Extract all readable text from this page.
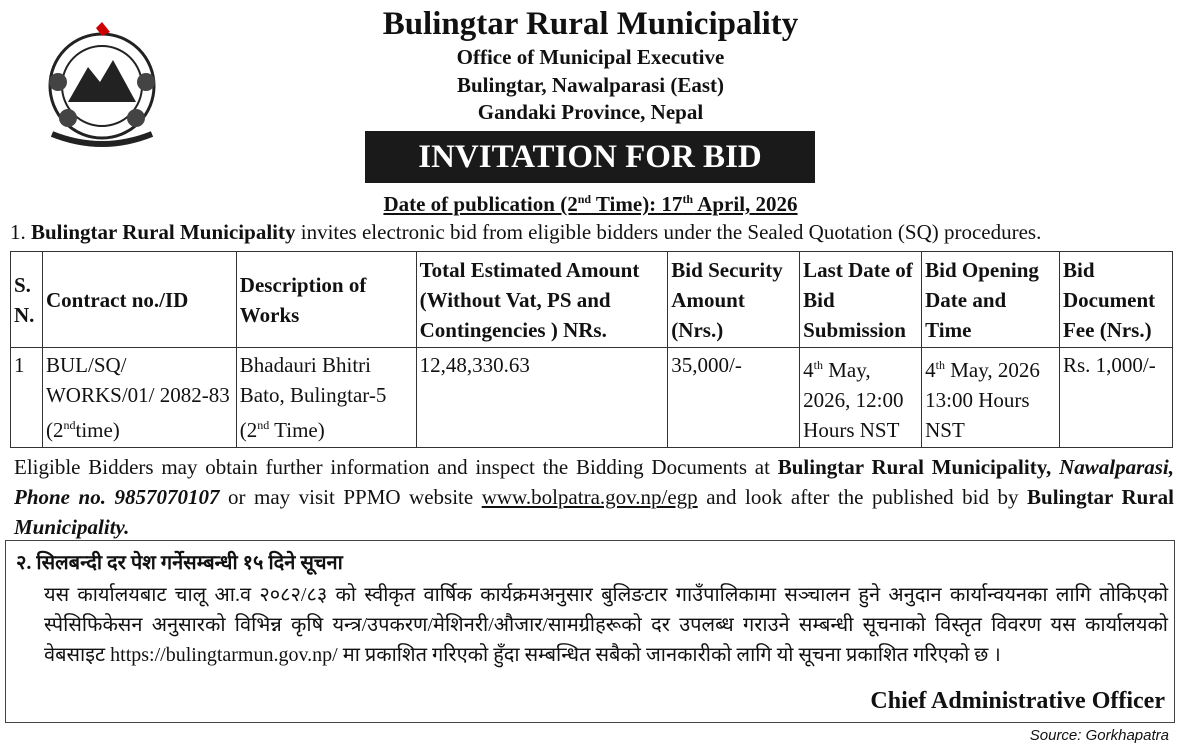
Bulingtar Rural Municipality
Office of Municipal Executive
Bulingtar, Nawalparasi (East)
Gandaki Province, Nepal
INVITATION FOR BID
Date of publication (2nd Time): 17th April, 2026
1. Bulingtar Rural Municipality invites electronic bid from eligible bidders under the Sealed Quotation (SQ) procedures.
S. N.	Contract no./ID	Description of Works	Total Estimated Amount (Without Vat, PS and Contingencies ) NRs.	Bid Security Amount (Nrs.)	Last Date of Bid Submission	Bid Opening Date and Time	Bid Document Fee (Nrs.)
1	BUL/SQ/ WORKS/01/ 2082-83 (2ndtime)	Bhadauri Bhitri Bato, Bulingtar-5 (2nd Time)	12,48,330.63	35,000/-	4th May, 2026, 12:00 Hours NST	4th May, 2026 13:00 Hours NST	Rs. 1,000/-
Eligible Bidders may obtain further information and inspect the Bidding Documents at Bulingtar Rural Municipality, Nawalparasi, Phone no. 9857070107 or may visit PPMO website www.bolpatra.gov.np/egp and look after the published bid by Bulingtar Rural Municipality.
२. सिलबन्दी दर पेश गर्नेसम्बन्धी १५ दिने सूचना
यस कार्यालयबाट चालू आ.व २०८२/८३ को स्वीकृत वार्षिक कार्यक्रमअनुसार बुलिङटार गाउँपालिकामा सञ्चालन हुने अनुदान कार्यान्वयनका लागि तोकिएको स्पेसिफिकेसन अनुसारको विभिन्न कृषि यन्त्र/उपकरण/मेशिनरी/औजार/सामग्रीहरूको दर उपलब्ध गराउने सम्बन्धी सूचनाको विस्तृत विवरण यस कार्यालयको वेबसाइट https://bulingtarmun.gov.np/ मा प्रकाशित गरिएको हुँदा सम्बन्धित सबैको जानकारीको लागि यो सूचना प्रकाशित गरिएको छ ।
Chief Administrative Officer
Source: Gorkhapatra
